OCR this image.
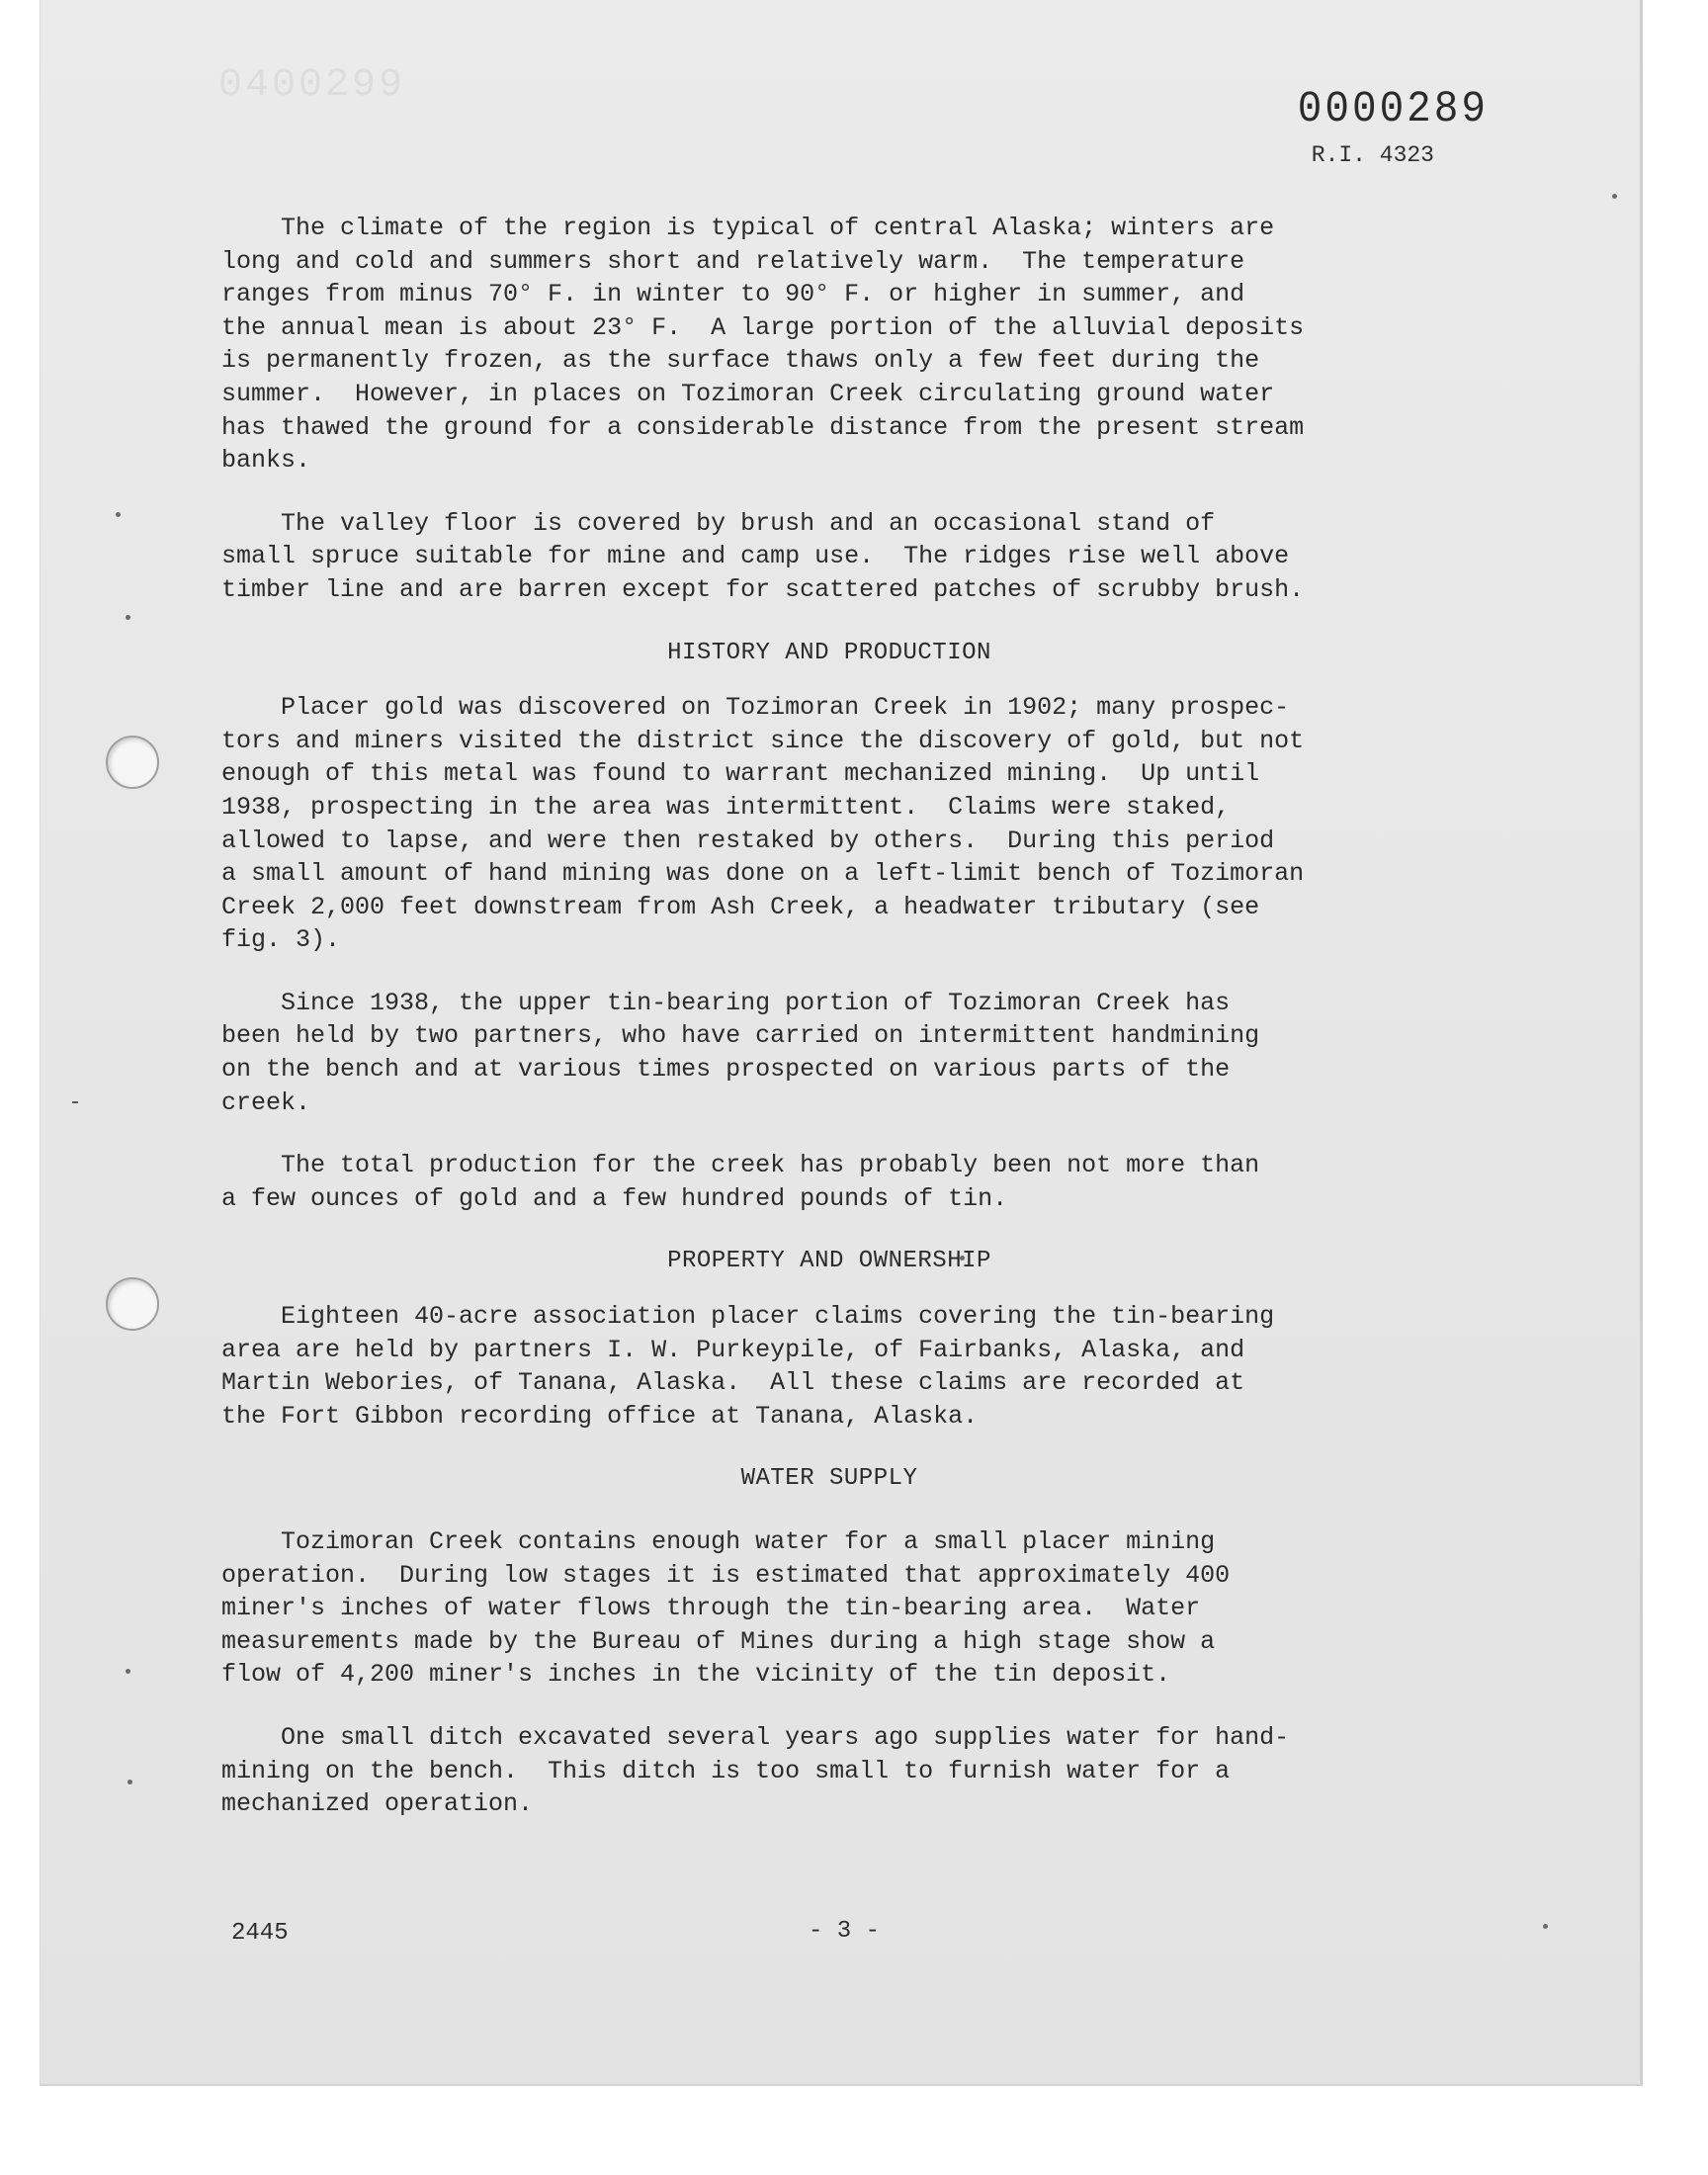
0400299	0000289
R.I. 4323

The climate of the region is typical of central Alaska; winters are
long and cold and summers short and relatively warm.  The temperature
ranges from minus 70° F. in winter to 90° F. or higher in summer, and
the annual mean is about 23° F.  A large portion of the alluvial deposits
is permanently frozen, as the surface thaws only a few feet during the
summer.  However, in places on Tozimoran Creek circulating ground water
has thawed the ground for a considerable distance from the present stream
banks.

The valley floor is covered by brush and an occasional stand of
small spruce suitable for mine and camp use.  The ridges rise well above
timber line and are barren except for scattered patches of scrubby brush.

HISTORY AND PRODUCTION

Placer gold was discovered on Tozimoran Creek in 1902; many prospec-
tors and miners visited the district since the discovery of gold, but not
enough of this metal was found to warrant mechanized mining.  Up until
1938, prospecting in the area was intermittent.  Claims were staked,
allowed to lapse, and were then restaked by others.  During this period
a small amount of hand mining was done on a left-limit bench of Tozimoran
Creek 2,000 feet downstream from Ash Creek, a headwater tributary (see
fig. 3).

Since 1938, the upper tin-bearing portion of Tozimoran Creek has
been held by two partners, who have carried on intermittent handmining
on the bench and at various times prospected on various parts of the
creek.

The total production for the creek has probably been not more than
a few ounces of gold and a few hundred pounds of tin.

PROPERTY AND OWNERSHIP

Eighteen 40-acre association placer claims covering the tin-bearing
area are held by partners I. W. Purkeypile, of Fairbanks, Alaska, and
Martin Webories, of Tanana, Alaska.  All these claims are recorded at
the Fort Gibbon recording office at Tanana, Alaska.

WATER SUPPLY

Tozimoran Creek contains enough water for a small placer mining
operation.  During low stages it is estimated that approximately 400
miner's inches of water flows through the tin-bearing area.  Water
measurements made by the Bureau of Mines during a high stage show a
flow of 4,200 miner's inches in the vicinity of the tin deposit.

One small ditch excavated several years ago supplies water for hand-
mining on the bench.  This ditch is too small to furnish water for a
mechanized operation.

2445	- 3 -
